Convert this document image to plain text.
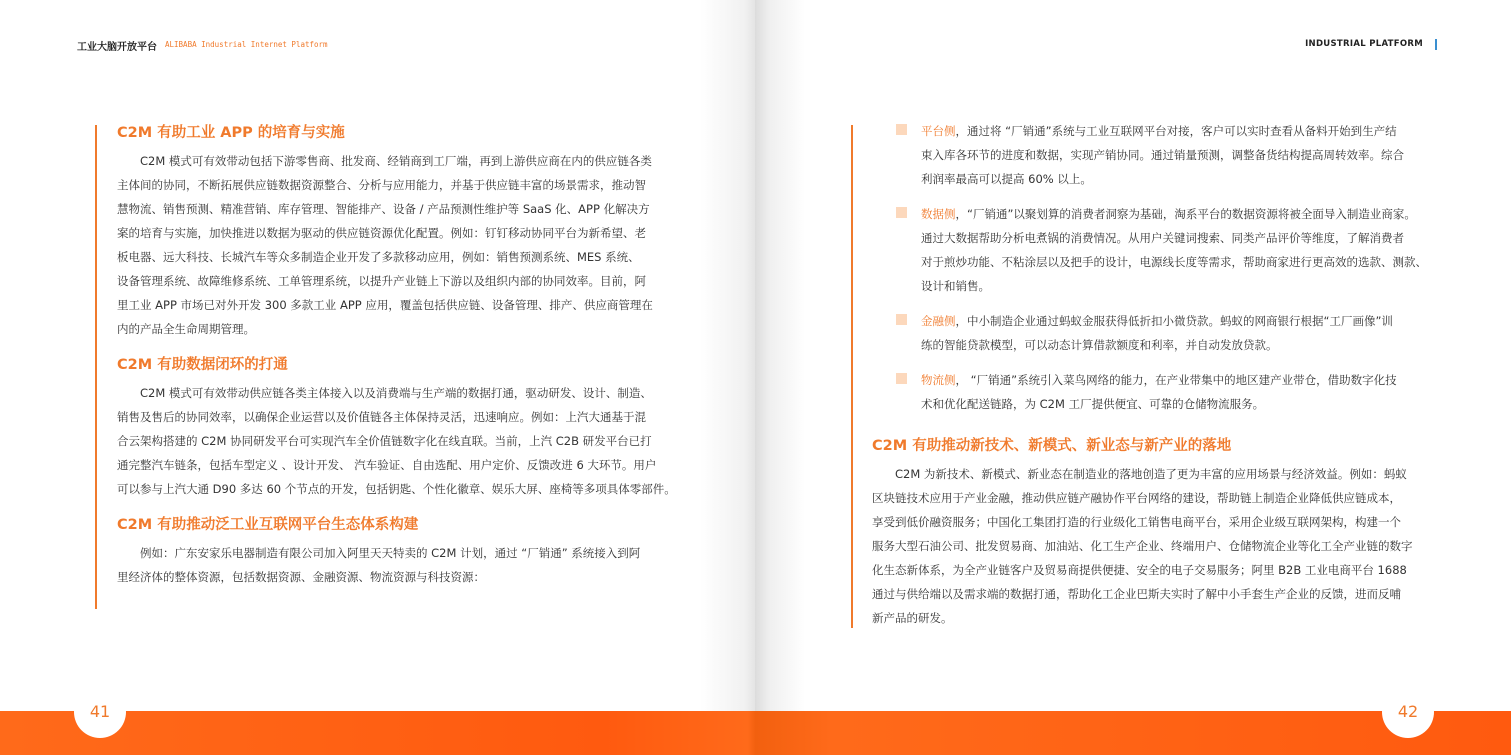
工业大脑开放平台 ALIBABA Industrial Internet Platform
C2M 有助工业 APP 的培育与实施

C2M 模式可有效带动包括下游零售商、批发商、经销商到工厂端，再到上游供应商在内的供应链各类

主体间的协同，不断拓展供应链数据资源整合、分析与应用能力，并基于供应链丰富的场景需求，推动智

慧物流、销售预测、精准营销、库存管理、智能排产、设备 / 产品预测性维护等 SaaS 化、APP 化解决方

案的培育与实施，加快推进以数据为驱动的供应链资源优化配置。例如：钉钉移动协同平台为新希望、老

板电器、远大科技、长城汽车等众多制造企业开发了多款移动应用，例如：销售预测系统、MES 系统、

设备管理系统、故障维修系统、工单管理系统，以提升产业链上下游以及组织内部的协同效率。目前，阿

里工业 APP 市场已对外开发 300 多款工业 APP 应用，覆盖包括供应链、设备管理、排产、供应商管理在

内的产品全生命周期管理。

C2M 有助数据闭环的打通

C2M 模式可有效带动供应链各类主体接入以及消费端与生产端的数据打通，驱动研发、设计、制造、

销售及售后的协同效率，以确保企业运营以及价值链各主体保持灵活，迅速响应。例如：上汽大通基于混

合云架构搭建的 C2M 协同研发平台可实现汽车全价值链数字化在线直联。当前，上汽 C2B 研发平台已打

通完整汽车链条，包括车型定义 、设计开发、 汽车验证、自由选配、用户定价、反馈改进 6 大环节。用户

可以参与上汽大通 D90 多达 60 个节点的开发，包括钥匙、个性化徽章、娱乐大屏、座椅等多项具体零部件。

C2M 有助推动泛工业互联网平台生态体系构建

例如：广东安家乐电器制造有限公司加入阿里天天特卖的 C2M 计划，通过 “厂销通” 系统接入到阿

里经济体的整体资源，包括数据资源、金融资源、物流资源与科技资源：

INDUSTRIAL PLATFORM
平台侧，通过将 “厂销通”系统与工业互联网平台对接，客户可以实时查看从备料开始到生产结
束入库各环节的进度和数据，实现产销协同。通过销量预测，调整备货结构提高周转效率。综合
利润率最高可以提高 60% 以上。
数据侧，“厂销通”以聚划算的消费者洞察为基础，淘系平台的数据资源将被全面导入制造业商家。
通过大数据帮助分析电煮锅的消费情况。从用户关键词搜索、同类产品评价等维度，了解消费者
对于煎炒功能、不粘涂层以及把手的设计，电源线长度等需求，帮助商家进行更高效的选款、测款、
设计和销售。
金融侧，中小制造企业通过蚂蚁金服获得低折扣小微贷款。蚂蚁的网商银行根据“工厂画像”训
练的智能贷款模型，可以动态计算借款额度和利率，并自动发放贷款。
物流侧， “厂销通”系统引入菜鸟网络的能力，在产业带集中的地区建产业带仓，借助数字化技
术和优化配送链路，为 C2M 工厂提供便宜、可靠的仓储物流服务。
C2M 有助推动新技术、新模式、新业态与新产业的落地

C2M 为新技术、新模式、新业态在制造业的落地创造了更为丰富的应用场景与经济效益。例如：蚂蚁

区块链技术应用于产业金融，推动供应链产融协作平台网络的建设，帮助链上制造企业降低供应链成本，

享受到低价融资服务；中国化工集团打造的行业级化工销售电商平台，采用企业级互联网架构，构建一个

服务大型石油公司、批发贸易商、加油站、化工生产企业、终端用户、仓储物流企业等化工全产业链的数字

化生态新体系，为全产业链客户及贸易商提供便捷、安全的电子交易服务；阿里 B2B 工业电商平台 1688

通过与供给端以及需求端的数据打通，帮助化工企业巴斯夫实时了解中小手套生产企业的反馈，进而反哺

新产品的研发。

41	42
